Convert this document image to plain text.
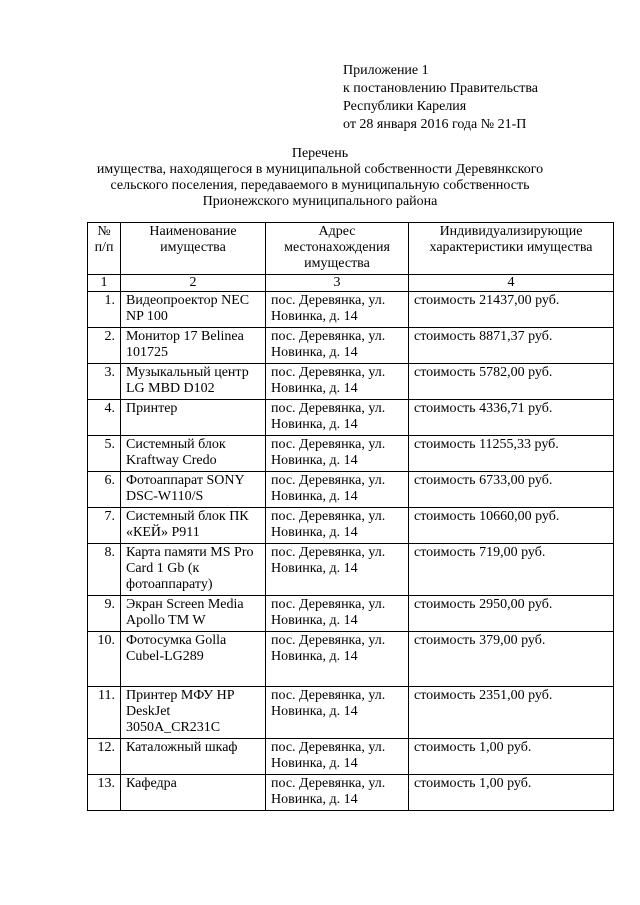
Приложение 1
к постановлению Правительства
Республики Карелия
от 28 января 2016 года № 21-П
Перечень
имущества, находящегося в муниципальной собственности Деревянкского
сельского поселения, передаваемого в муниципальную собственность
Прионежского муниципального района
№ п/п	Наименование имущества	Адрес местонахождения имущества	Индивидуализирующие характеристики имущества
1	2	3	4
1.	Видеопроектор NEC NP 100	пос. Деревянка, ул. Новинка, д. 14	стоимость 21437,00 руб.
2.	Монитор 17 Belinea 101725	пос. Деревянка, ул. Новинка, д. 14	стоимость 8871,37 руб.
3.	Музыкальный центр LG MBD D102	пос. Деревянка, ул. Новинка, д. 14	стоимость 5782,00 руб.
4.	Принтер	пос. Деревянка, ул. Новинка, д. 14	стоимость 4336,71 руб.
5.	Системный блок Kraftway Credo	пос. Деревянка, ул. Новинка, д. 14	стоимость 11255,33 руб.
6.	Фотоаппарат SONY DSC-W110/S	пос. Деревянка, ул. Новинка, д. 14	стоимость 6733,00 руб.
7.	Системный блок ПК «КЕЙ» P911	пос. Деревянка, ул. Новинка, д. 14	стоимость 10660,00 руб.
8.	Карта памяти MS Pro Card 1 Gb (к фотоаппарату)	пос. Деревянка, ул. Новинка, д. 14	стоимость 719,00 руб.
9.	Экран Screen Media Apollo TM W	пос. Деревянка, ул. Новинка, д. 14	стоимость 2950,00 руб.
10.	Фотосумка Golla Cubel-LG289	пос. Деревянка, ул. Новинка, д. 14	стоимость 379,00 руб.
11.	Принтер МФУ HP DeskJet 3050A_CR231C	пос. Деревянка, ул. Новинка, д. 14	стоимость 2351,00 руб.
12.	Каталожный шкаф	пос. Деревянка, ул. Новинка, д. 14	стоимость 1,00 руб.
13.	Кафедра	пос. Деревянка, ул. Новинка, д. 14	стоимость 1,00 руб.
